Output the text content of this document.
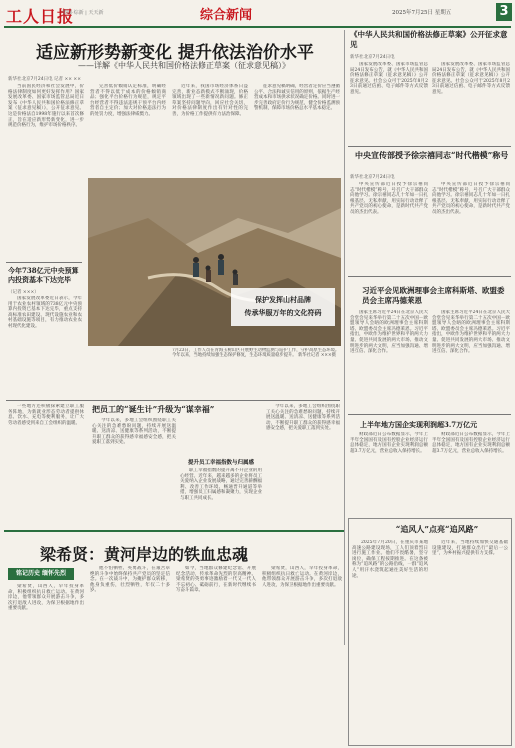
工人日报
要闻·综新 | 天天新	综合新闻	2025年7月25日 星期五	3
适应新形势新变化 提升依法治价水平
——详解《中华人民共和国价格法修正草案（征求意见稿）》
新华社北京7月24日电 记者 ×× ××

当前国民经济和社会发展中，价格法律制度如何更好发挥作用？国家发展改革委、国家市场监管总局近日发布《中华人民共和国价格法修正草案（征求意见稿）》，公开征求意见。这是价格法自1998年施行以来首次修正，旨在适应新形势新变化，进一步规范价格行为，维护市场价格秩序。

完善低价倾销认定标准，明确经营者不得以低于成本的价格倾销商品；强化平台价格行为规范，规定平台经营者不得违法违规干预平台内经营者自主定价；加大对价格违法行为的处罚力度，增强法律威慑力。

近年来，我国市场经济体系日益完善，新业态新模式不断涌现，价格领域出现了一些新情况新问题。修正草案坚持问题导向，回应社会关切，对价格法律制度作出有针对性的完善，为价格工作提供有力法治保障。

征求意见稿明确，经营者定价应当遵循公平、合法和诚实信用的原则，依据生产经营成本和市场供求状况确定价格。同时进一步完善政府定价行为规范，健全价格监测预警机制，保障市场价格总水平基本稳定。

今年738亿元中央预算内投资基本下达完毕
（记者 ×××）

国家发展改革委近日表示，今年用于农业农村领域的738亿元中央预算内投资已基本下达完毕，重点支持高标准农田建设、现代设施农业和农村基础设施等项目，有力推动农业农村现代化建设。

保护发挥山村品牌
传承华服万年的文化符码
7月23日，工作人员在青海玉树山区开展野生动物监测与巡护工作，守护高原生态环境。今年以来，当地持续加强生态保护修复，生态环境质量稳步提升。 新华社记者 ×××摄

一些地方还积极探索建立职工服务阵地，为新就业形态劳动者提供休息、饮水、充电等便利服务，让广大劳动者感受到来自工会组织的温暖。

把员工的“诞生计”升级为“谋幸福”

今年以来，多地工会组织围绕职工关心关注的急难愁盼问题，持续开展送温暖、送清凉、送健康等系列活动，不断提升职工群众的获得感幸福感安全感，把关爱职工落到实处。

提升员工幸福指数与归属感

职工幸福指数的提升离不开企业的用心经营。近年来，越来越多的企业将员工关爱纳入企业发展战略，通过完善薪酬福利、改善工作环境、畅通晋升通道等举措，增强员工归属感和凝聚力，实现企业与职工共同成长。

今年以来，多地工会组织围绕职工关心关注的急难愁盼问题，持续开展送温暖、送清凉、送健康等系列活动，不断提升职工群众的获得感幸福感安全感，把关爱职工落到实处。

《中华人民共和国价格法修正草案》公开征求意见
新华社北京7月24日电

国家发展改革委、国家市场监管总局24日发布公告，就《中华人民共和国价格法修正草案（征求意见稿）》公开征求意见。社会公众可于2025年8月23日前通过信函、电子邮件等方式反馈意见。

国家发展改革委、国家市场监管总局24日发布公告，就《中华人民共和国价格法修正草案（征求意见稿）》公开征求意见。社会公众可于2025年8月23日前通过信函、电子邮件等方式反馈意见。

中央宣传部授予徐宗禧同志“时代楷模”称号
新华社北京7月24日电

中央宣传部近日授予徐宗禧同志“时代楷模”称号，号召广大干部群众向他学习。徐宗禧同志几十年如一日扎根基层、无私奉献，用实际行动诠释了共产党员的初心使命，是新时代共产党员的杰出代表。

中央宣传部近日授予徐宗禧同志“时代楷模”称号，号召广大干部群众向他学习。徐宗禧同志几十年如一日扎根基层、无私奉献，用实际行动诠释了共产党员的初心使命，是新时代共产党员的杰出代表。

习近平会见欧洲理事会主席科斯塔、欧盟委员会主席冯德莱恩

国家主席习近平24日在北京人民大会堂会见来华举行第二十五次中国－欧盟领导人会晤的欧洲理事会主席科斯塔、欧盟委员会主席冯德莱恩。习近平指出，中欧作为维护世界和平的两大力量、促进共同发展的两大市场、推动文明进步的两大文明，应当加强沟通、增进互信、深化合作。

国家主席习近平24日在北京人民大会堂会见来华举行第二十五次中国－欧盟领导人会晤的欧洲理事会主席科斯塔、欧盟委员会主席冯德莱恩。习近平指出，中欧作为维护世界和平的两大力量、促进共同发展的两大市场、推动文明进步的两大文明，应当加强沟通、增进互信、深化合作。

上半年地方国企实现利润超3.7万亿元

财政部近日公布数据显示，今年上半年全国国有及国有控股企业经济运行总体稳定，地方国有企业实现利润总额超3.7万亿元，营业总收入保持增长。

财政部近日公布数据显示，今年上半年全国国有及国有控股企业经济运行总体稳定，地方国有企业实现利润总额超3.7万亿元，营业总收入保持增长。

梁希贤：黄河岸边的铁血忠魂
铭记历史 缅怀先烈

梁希贤，山西人，早年投身革命，积极组织抗日救亡运动。在黄河岸边，他带领群众开展游击斗争，多次打退敌人进攻，为保卫根据地作出重要贡献。

他不怕牺牲、英勇战斗，在艰苦卓绝的斗争中始终保持共产党员的坚定信念。在一次战斗中，为掩护群众转移，他身负重伤，壮烈牺牲，年仅二十多岁。

如今，当地群众修建纪念馆、开展纪念活动，传承革命先烈的崇高精神。梁希贤的英勇事迹激励着一代又一代人不忘初心、砥砺前行，在新时代继续书写奋斗篇章。

梁希贤，山西人，早年投身革命，积极组织抗日救亡运动。在黄河岸边，他带领群众开展游击斗争，多次打退敌人进攻，为保卫根据地作出重要贡献。

“追风人”点亮“追风路”

2025年7月20日，在重庆市某地高速公路建设现场，工人们顶着烈日进行施工作业。他们不畏酷暑，坚守岗位，确保工程按期推进。在这条被称为“追风路”的公路沿线，一群“追风人”用汗水浇筑起通往美好生活的坦途。

近年来，当地持续加快交通基础设施建设，打通群众出行“最后一公里”，为乡村振兴提供有力支撑。
